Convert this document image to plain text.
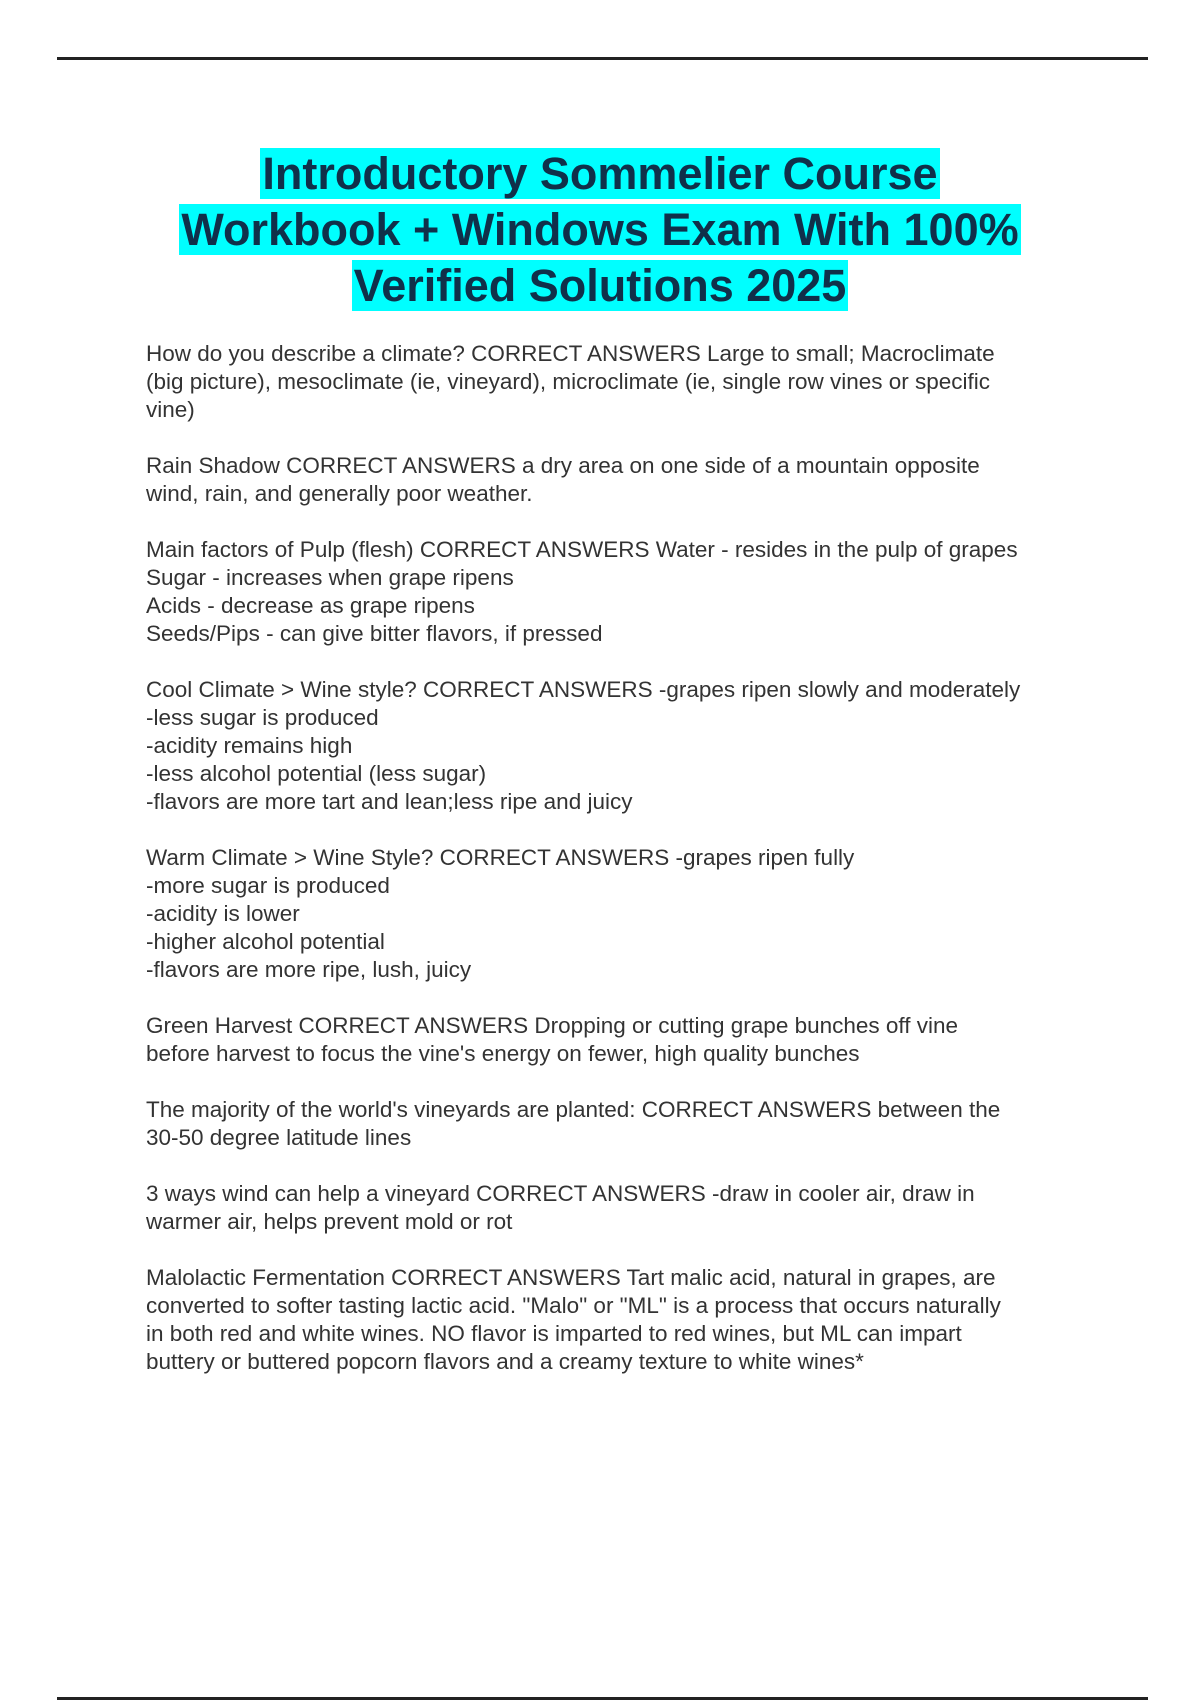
Introductory Sommelier Course
Workbook + Windows Exam With 100%
Verified Solutions 2025
How do you describe a climate? CORRECT ANSWERS Large to small; Macroclimate
(big picture), mesoclimate (ie, vineyard), microclimate (ie, single row vines or specific
vine)
Rain Shadow CORRECT ANSWERS a dry area on one side of a mountain opposite
wind, rain, and generally poor weather.
Main factors of Pulp (flesh) CORRECT ANSWERS Water - resides in the pulp of grapes
Sugar - increases when grape ripens
Acids - decrease as grape ripens
Seeds/Pips - can give bitter flavors, if pressed
Cool Climate > Wine style? CORRECT ANSWERS -grapes ripen slowly and moderately
-less sugar is produced
-acidity remains high
-less alcohol potential (less sugar)
-flavors are more tart and lean;less ripe and juicy
Warm Climate > Wine Style? CORRECT ANSWERS -grapes ripen fully
-more sugar is produced
-acidity is lower
-higher alcohol potential
-flavors are more ripe, lush, juicy
Green Harvest CORRECT ANSWERS Dropping or cutting grape bunches off vine
before harvest to focus the vine's energy on fewer, high quality bunches
The majority of the world's vineyards are planted: CORRECT ANSWERS between the
30-50 degree latitude lines
3 ways wind can help a vineyard CORRECT ANSWERS -draw in cooler air, draw in
warmer air, helps prevent mold or rot
Malolactic Fermentation CORRECT ANSWERS Tart malic acid, natural in grapes, are
converted to softer tasting lactic acid. "Malo" or "ML" is a process that occurs naturally
in both red and white wines. NO flavor is imparted to red wines, but ML can impart
buttery or buttered popcorn flavors and a creamy texture to white wines*
